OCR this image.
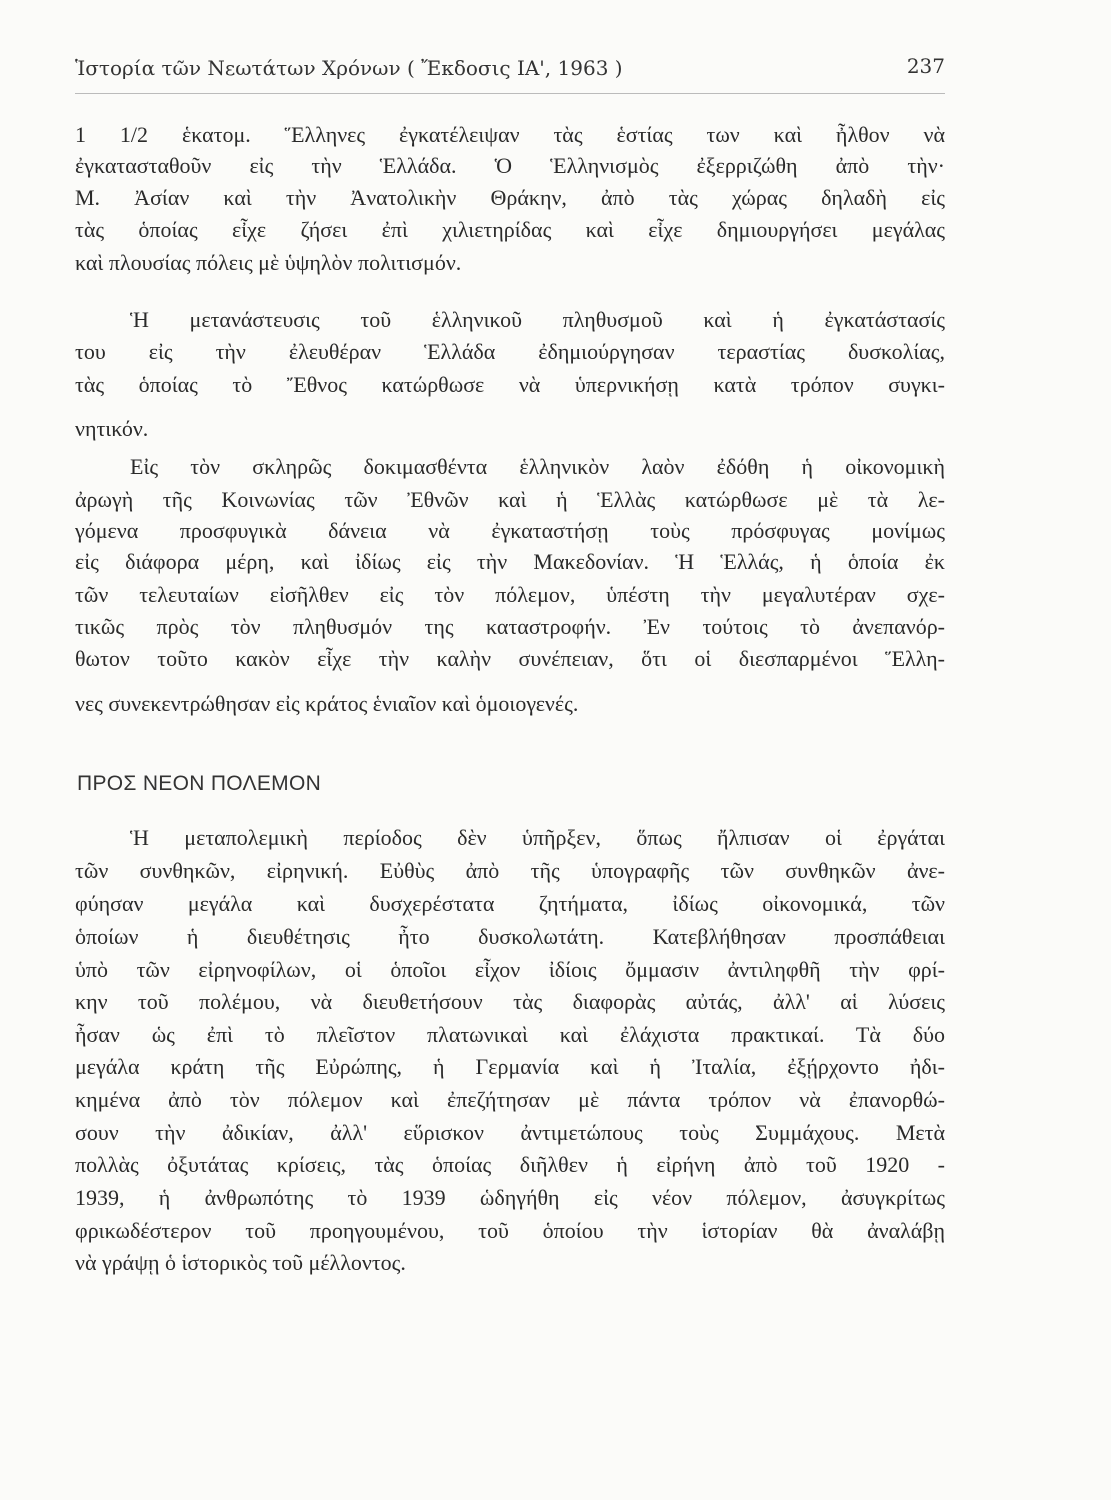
Ἱστορία τῶν Νεωτάτων Χρόνων ( Ἔκδοσις ΙΑ', 1963 )	237
1 1/2 ἑκατομ. Ἕλληνες ἐγκατέλειψαν τὰς ἑστίας των καὶ ἦλθον νὰ
ἐγκατασταθοῦν εἰς τὴν Ἑλλάδα. Ὁ Ἑλληνισμὸς ἐξερριζώθη ἀπὸ τὴν·
Μ. Ἀσίαν καὶ τὴν Ἀνατολικὴν Θράκην, ἀπὸ τὰς χώρας δηλαδὴ εἰς
τὰς ὁποίας εἶχε ζήσει ἐπὶ χιλιετηρίδας καὶ εἶχε δημιουργήσει μεγάλας
καὶ πλουσίας πόλεις μὲ ὑψηλὸν πολιτισμόν.
Ἡ μετανάστευσις τοῦ ἑλληνικοῦ πληθυσμοῦ καὶ ἡ ἐγκατάστασίς
του εἰς τὴν ἐλευθέραν Ἑλλάδα ἐδημιούργησαν τεραστίας δυσκολίας,
τὰς ὁποίας τὸ Ἔθνος κατώρθωσε νὰ ὑπερνικήσῃ κατὰ τρόπον συγκι-
νητικόν.
Εἰς τὸν σκληρῶς δοκιμασθέντα ἑλληνικὸν λαὸν ἐδόθη ἡ οἰκονομικὴ
ἀρωγὴ τῆς Κοινωνίας τῶν Ἐθνῶν καὶ ἡ Ἑλλὰς κατώρθωσε μὲ τὰ λε-
γόμενα προσφυγικὰ δάνεια νὰ ἐγκαταστήσῃ τοὺς πρόσφυγας μονίμως
εἰς διάφορα μέρη, καὶ ἰδίως εἰς τὴν Μακεδονίαν. Ἡ Ἑλλάς, ἡ ὁποία ἐκ
τῶν τελευταίων εἰσῆλθεν εἰς τὸν πόλεμον, ὑπέστη τὴν μεγαλυτέραν σχε-
τικῶς πρὸς τὸν πληθυσμόν της καταστροφήν. Ἐν τούτοις τὸ ἀνεπανόρ-
θωτον τοῦτο κακὸν εἶχε τὴν καλὴν συνέπειαν, ὅτι οἱ διεσπαρμένοι Ἕλλη-
νες συνεκεντρώθησαν εἰς κράτος ἑνιαῖον καὶ ὁμοιογενές.
ΠΡΟΣ ΝΕΟΝ ΠΟΛΕΜΟΝ
Ἡ μεταπολεμικὴ περίοδος δὲν ὑπῆρξεν, ὅπως ἤλπισαν οἱ ἐργάται
τῶν συνθηκῶν, εἰρηνική. Εὐθὺς ἀπὸ τῆς ὑπογραφῆς τῶν συνθηκῶν ἀνε-
φύησαν μεγάλα καὶ δυσχερέστατα ζητήματα, ἰδίως οἰκονομικά, τῶν
ὁποίων ἡ διευθέτησις ἦτο δυσκολωτάτη. Κατεβλήθησαν προσπάθειαι
ὑπὸ τῶν εἰρηνοφίλων, οἱ ὁποῖοι εἶχον ἰδίοις ὄμμασιν ἀντιληφθῆ τὴν φρί-
κην τοῦ πολέμου, νὰ διευθετήσουν τὰς διαφορὰς αὐτάς, ἀλλ' αἱ λύσεις
ἦσαν ὡς ἐπὶ τὸ πλεῖστον πλατωνικαὶ καὶ ἐλάχιστα πρακτικαί. Τὰ δύο
μεγάλα κράτη τῆς Εὐρώπης, ἡ Γερμανία καὶ ἡ Ἰταλία, ἐξῄρχοντο ἠδι-
κημένα ἀπὸ τὸν πόλεμον καὶ ἐπεζήτησαν μὲ πάντα τρόπον νὰ ἐπανορθώ-
σουν τὴν ἀδικίαν, ἀλλ' εὕρισκον ἀντιμετώπους τοὺς Συμμάχους. Μετὰ
πολλὰς ὀξυτάτας κρίσεις, τὰς ὁποίας διῆλθεν ἡ εἰρήνη ἀπὸ τοῦ 1920 -
1939, ἡ ἀνθρωπότης τὸ 1939 ὡδηγήθη εἰς νέον πόλεμον, ἀσυγκρίτως
φρικωδέστερον τοῦ προηγουμένου, τοῦ ὁποίου τὴν ἱστορίαν θὰ ἀναλάβῃ
νὰ γράψῃ ὁ ἱστορικὸς τοῦ μέλλοντος.
